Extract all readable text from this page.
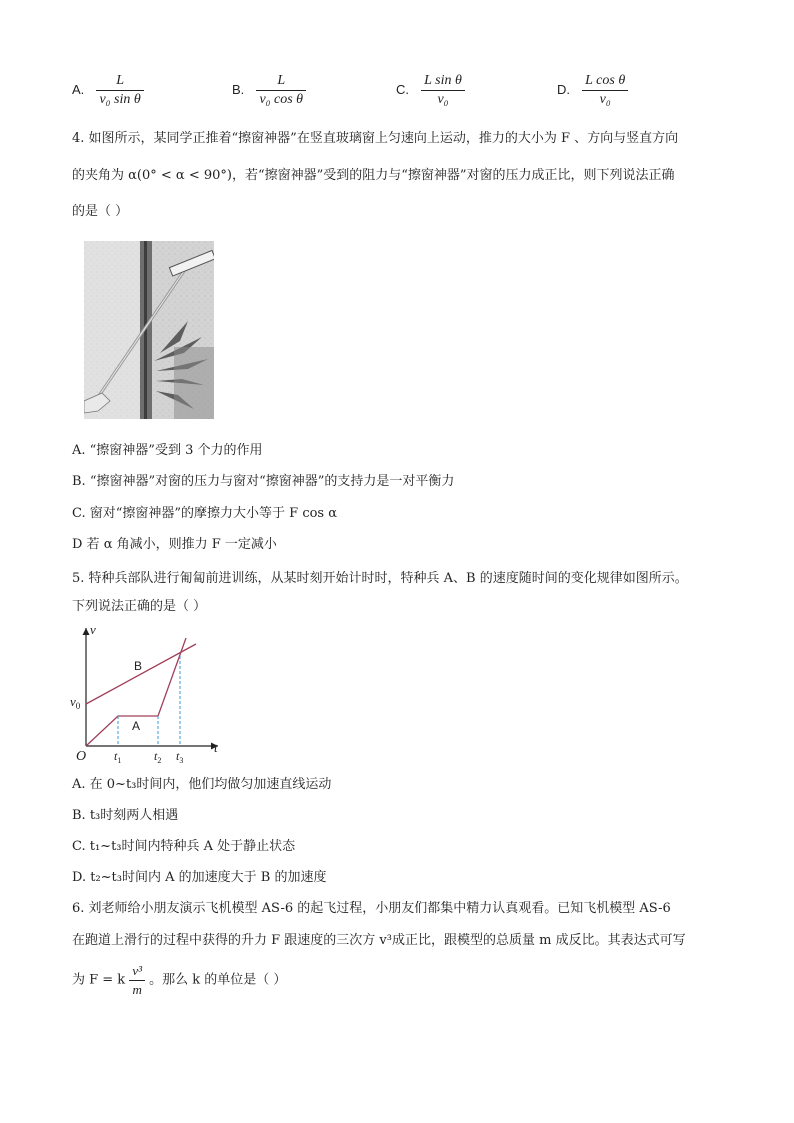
A. $\frac{L}{\text{v₀ sin θ}}$	B. $\frac{L}{\text{v₀ cos θ}}$	C. $\frac{\text{L sin θ}}{\text{v₀}}$	D. $\frac{\text{L cos θ}}{\text{v₀}}$
4. 如图所示，某同学正推着“擦窗神器”在竖直玻璃窗上匀速向上运动，推力的大小为 F 、方向与竖直方向
的夹角为 α(0° < α < 90°)，若“擦窗神器”受到的阻力与“擦窗神器”对窗的压力成正比，则下列说法正确
的是（ ）
A. “擦窗神器”受到 3 个力的作用
B. “擦窗神器”对窗的压力与窗对“擦窗神器”的支持力是一对平衡力
C. 窗对“擦窗神器”的摩擦力大小等于 F cos α
D 若 α 角减小，则推力 F 一定减小
5. 特种兵部队进行匍匐前进训练，从某时刻开始计时时，特种兵 A、B 的速度随时间的变化规律如图所示。
下列说法正确的是（ ）
v
t
O
$v_0$
B
A
$t_1$	$t_2$ $t_3$
A. 在 0~t₃时间内，他们均做匀加速直线运动
B. t₃时刻两人相遇
C. t₁~t₃时间内特种兵 A 处于静止状态
D. t₂~t₃时间内 A 的加速度大于 B 的加速度
6. 刘老师给小朋友演示飞机模型 AS-6 的起飞过程，小朋友们都集中精力认真观看。已知飞机模型 AS-6
在跑道上滑行的过程中获得的升力 F 跟速度的三次方 v³成正比，跟模型的总质量 m 成反比。其表达式可写
为 F = k $\frac{\text{v³}}{m}$ 。那么 k 的单位是（ ）
